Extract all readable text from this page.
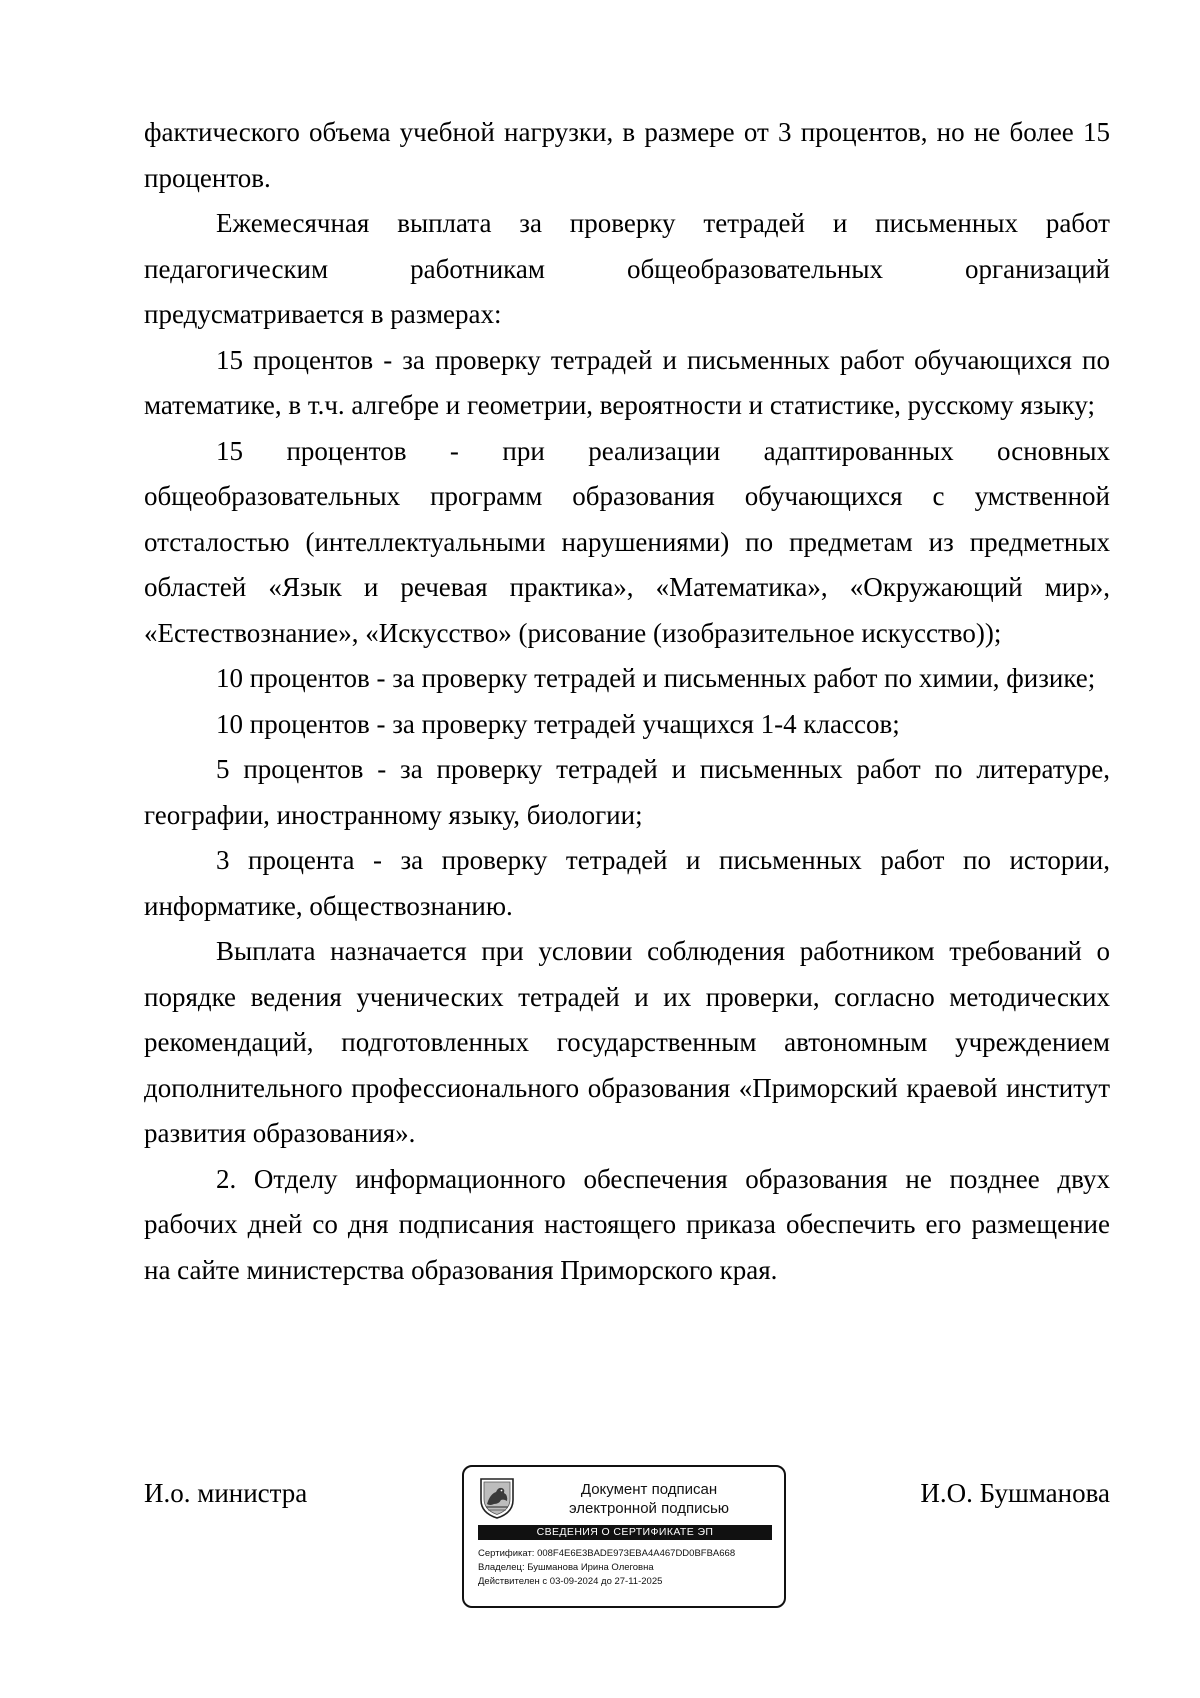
фактического объема учебной нагрузки, в размере от 3 процентов, но не более 15 процентов.

Ежемесячная выплата за проверку тетрадей и письменных работ педагогическим работникам общеобразовательных организаций предусматривается в размерах:

15 процентов - за проверку тетрадей и письменных работ обучающихся по математике, в т.ч. алгебре и геометрии, вероятности и статистике, русскому языку;

15 процентов - при реализации адаптированных основных общеобразовательных программ образования обучающихся с умственной отсталостью (интеллектуальными нарушениями) по предметам из предметных областей «Язык и речевая практика», «Математика», «Окружающий мир», «Естествознание», «Искусство» (рисование (изобразительное искусство));

10 процентов - за проверку тетрадей и письменных работ по химии, физике;

10 процентов - за проверку тетрадей учащихся 1-4 классов;

5 процентов - за проверку тетрадей и письменных работ по литературе, географии, иностранному языку, биологии;

3 процента - за проверку тетрадей и письменных работ по истории, информатике, обществознанию.

Выплата назначается при условии соблюдения работником требований о порядке ведения ученических тетрадей и их проверки, согласно методических рекомендаций, подготовленных государственным автономным учреждением дополнительного профессионального образования «Приморский краевой институт развития образования».

2. Отделу информационного обеспечения образования не позднее двух рабочих дней со дня подписания настоящего приказа обеспечить его размещение на сайте министерства образования Приморского края.

И.о. министра	Документ подписан
электронной подписью
СВЕДЕНИЯ О СЕРТИФИКАТЕ ЭП
Сертификат: 008F4E6E3BADE973EBA4A467DD0BFBA668
Владелец: Бушманова Ирина Олеговна
Действителен с 03-09-2024 до 27-11-2025
И.О. Бушманова
